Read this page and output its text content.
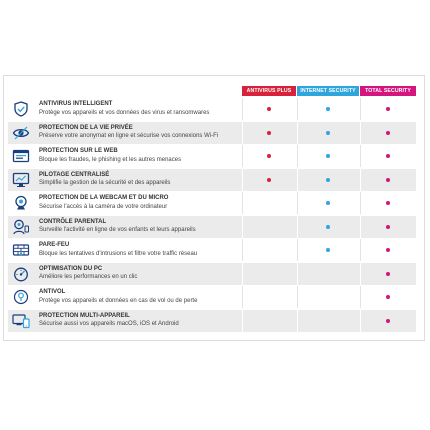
ANTIVIRUS PLUS	INTERNET SECURITY	TOTAL SECURITY
ANTIVIRUS INTELLIGENT
Protège vos appareils et vos données des virus et ransomwares
PROTECTION DE LA VIE PRIVÉE
Préserve votre anonymat en ligne et sécurise vos connexions Wi-Fi
PROTECTION SUR LE WEB
Bloque les fraudes, le phishing et les autres menaces
PILOTAGE CENTRALISÉ
Simplifie la gestion de la sécurité et des appareils
PROTECTION DE LA WEBCAM ET DU MICRO
Sécurise l'accès à la caméra de votre ordinateur
CONTRÔLE PARENTAL
Surveille l'activité en ligne de vos enfants et leurs appareils
PARE-FEU
Bloque les tentatives d'intrusions et filtre votre traffic réseau
OPTIMISATION DU PC
Améliore les performances en un clic
ANTIVOL
Protège vos appareils et données en cas de vol ou de perte
PROTECTION MULTI-APPAREIL
Sécurise aussi vos appareils macOS, iOS et Android
